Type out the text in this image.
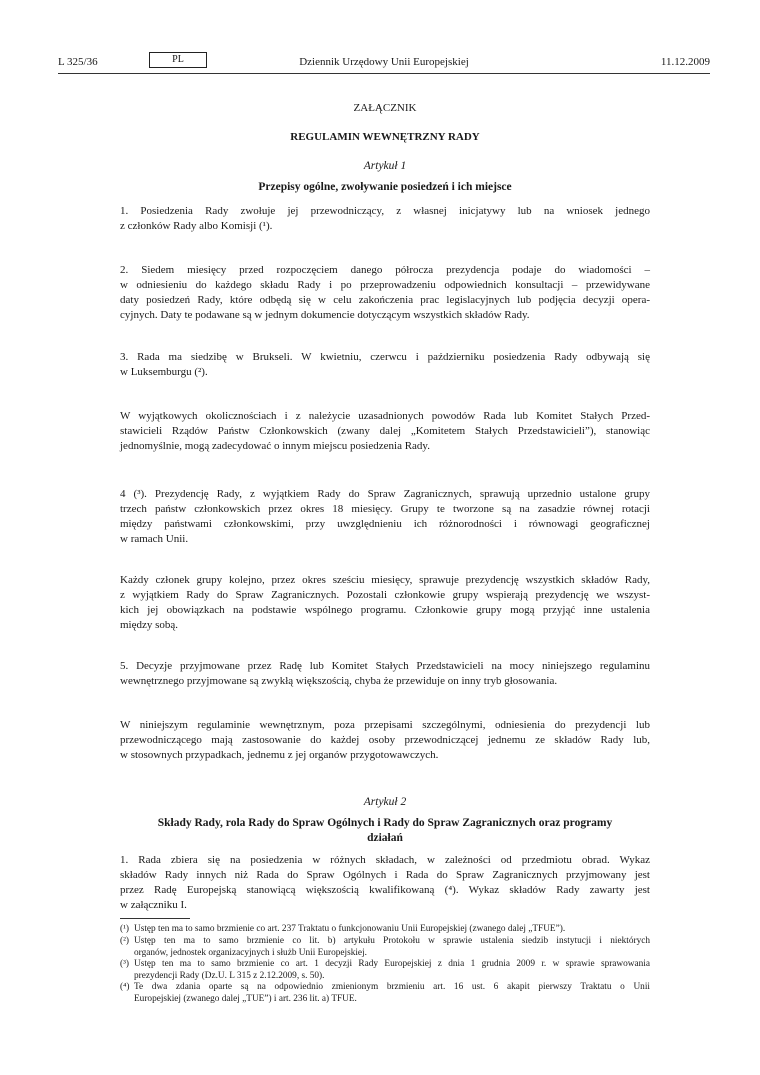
L 325/36	PL	Dziennik Urzędowy Unii Europejskiej	11.12.2009
ZAŁĄCZNIK
REGULAMIN WEWNĘTRZNY RADY
Artykuł 1
Przepisy ogólne, zwoływanie posiedzeń i ich miejsce
1. Posiedzenia Rady zwołuje jej przewodniczący, z własnej inicjatywy lub na wniosek jednego
z członków Rady albo Komisji (¹).
2. Siedem miesięcy przed rozpoczęciem danego półrocza prezydencja podaje do wiadomości –
w odniesieniu do każdego składu Rady i po przeprowadzeniu odpowiednich konsultacji – przewidywane
daty posiedzeń Rady, które odbędą się w celu zakończenia prac legislacyjnych lub podjęcia decyzji opera-
cyjnych. Daty te podawane są w jednym dokumencie dotyczącym wszystkich składów Rady.
3. Rada ma siedzibę w Brukseli. W kwietniu, czerwcu i październiku posiedzenia Rady odbywają się
w Luksemburgu (²).
W wyjątkowych okolicznościach i z należycie uzasadnionych powodów Rada lub Komitet Stałych Przed-
stawicieli Rządów Państw Członkowskich (zwany dalej „Komitetem Stałych Przedstawicieli”), stanowiąc
jednomyślnie, mogą zadecydować o innym miejscu posiedzenia Rady.
4 (³). Prezydencję Rady, z wyjątkiem Rady do Spraw Zagranicznych, sprawują uprzednio ustalone grupy
trzech państw członkowskich przez okres 18 miesięcy. Grupy te tworzone są na zasadzie równej rotacji
między państwami członkowskimi, przy uwzględnieniu ich różnorodności i równowagi geograficznej
w ramach Unii.
Każdy członek grupy kolejno, przez okres sześciu miesięcy, sprawuje prezydencję wszystkich składów Rady,
z wyjątkiem Rady do Spraw Zagranicznych. Pozostali członkowie grupy wspierają prezydencję we wszyst-
kich jej obowiązkach na podstawie wspólnego programu. Członkowie grupy mogą przyjąć inne ustalenia
między sobą.
5. Decyzje przyjmowane przez Radę lub Komitet Stałych Przedstawicieli na mocy niniejszego regulaminu
wewnętrznego przyjmowane są zwykłą większością, chyba że przewiduje on inny tryb głosowania.
W niniejszym regulaminie wewnętrznym, poza przepisami szczególnymi, odniesienia do prezydencji lub
przewodniczącego mają zastosowanie do każdej osoby przewodniczącej jednemu ze składów Rady lub,
w stosownych przypadkach, jednemu z jej organów przygotowawczych.
Artykuł 2
Składy Rady, rola Rady do Spraw Ogólnych i Rady do Spraw Zagranicznych oraz programy
działań
1. Rada zbiera się na posiedzenia w różnych składach, w zależności od przedmiotu obrad. Wykaz
składów Rady innych niż Rada do Spraw Ogólnych i Rada do Spraw Zagranicznych przyjmowany jest
przez Radę Europejską stanowiącą większością kwalifikowaną (⁴). Wykaz składów Rady zawarty jest
w załączniku I.
(¹) Ustęp ten ma to samo brzmienie co art. 237 Traktatu o funkcjonowaniu Unii Europejskiej (zwanego dalej „TFUE”).
(²) Ustęp ten ma to samo brzmienie co lit. b) artykułu Protokołu w sprawie ustalenia siedzib instytucji i niektórych
organów, jednostek organizacyjnych i służb Unii Europejskiej.
(³) Ustęp ten ma to samo brzmienie co art. 1 decyzji Rady Europejskiej z dnia 1 grudnia 2009 r. w sprawie sprawowania
prezydencji Rady (Dz.U. L 315 z 2.12.2009, s. 50).
(⁴) Te dwa zdania oparte są na odpowiednio zmienionym brzmieniu art. 16 ust. 6 akapit pierwszy Traktatu o Unii
Europejskiej (zwanego dalej „TUE”) i art. 236 lit. a) TFUE.
